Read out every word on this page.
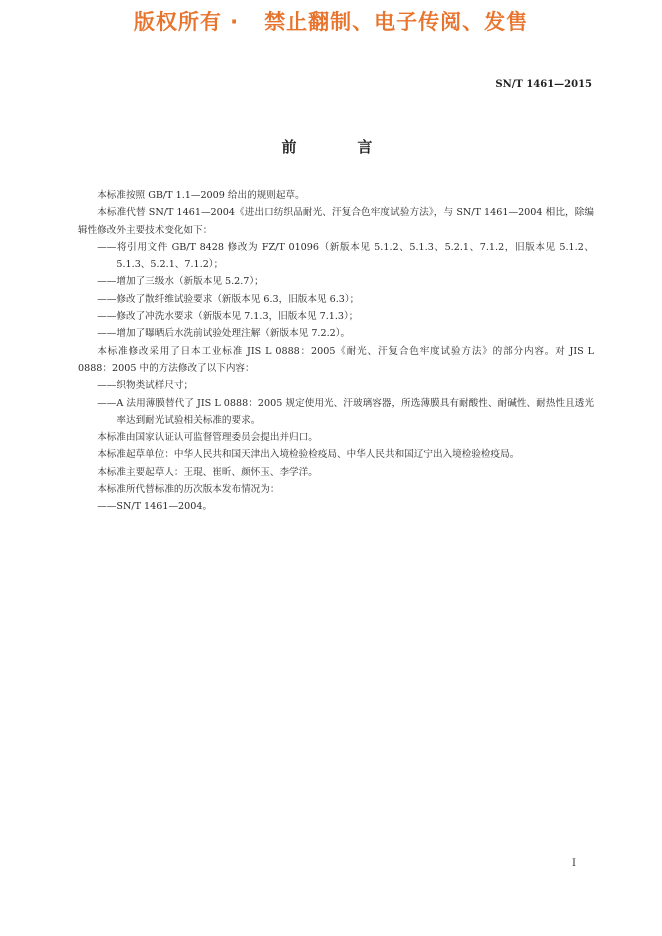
版权所有 ·   禁止翻制、电子传阅、发售
SN/T 1461—2015
前    言

本标准按照 GB/T 1.1—2009 给出的规则起草。

本标准代替 SN/T 1461—2004《进出口纺织品耐光、汗复合色牢度试验方法》，与 SN/T 1461—2004 相比，除编辑性修改外主要技术变化如下：

——将引用文件 GB/T 8428 修改为 FZ/T 01096（新版本见 5.1.2、5.1.3、5.2.1、7.1.2，旧版本见 5.1.2、5.1.3、5.2.1、7.1.2）；

——增加了三级水（新版本见 5.2.7）；

——修改了散纤维试验要求（新版本见 6.3，旧版本见 6.3）；

——修改了冲洗水要求（新版本见 7.1.3，旧版本见 7.1.3）；

——增加了曝晒后水洗前试验处理注解（新版本见 7.2.2）。

本标准修改采用了日本工业标准 JIS L 0888：2005《耐光、汗复合色牢度试验方法》的部分内容。对 JIS L 0888：2005 中的方法修改了以下内容：

——织物类试样尺寸；

——A 法用薄膜替代了 JIS L 0888：2005 规定使用光、汗玻璃容器，所选薄膜具有耐酸性、耐碱性、耐热性且透光率达到耐光试验相关标准的要求。

本标准由国家认证认可监督管理委员会提出并归口。

本标准起草单位：中华人民共和国天津出入境检验检疫局、中华人民共和国辽宁出入境检验检疫局。

本标准主要起草人：王琨、崔昕、颜怀玉、李学洋。

本标准所代替标准的历次版本发布情况为：

——SN/T 1461—2004。

I
